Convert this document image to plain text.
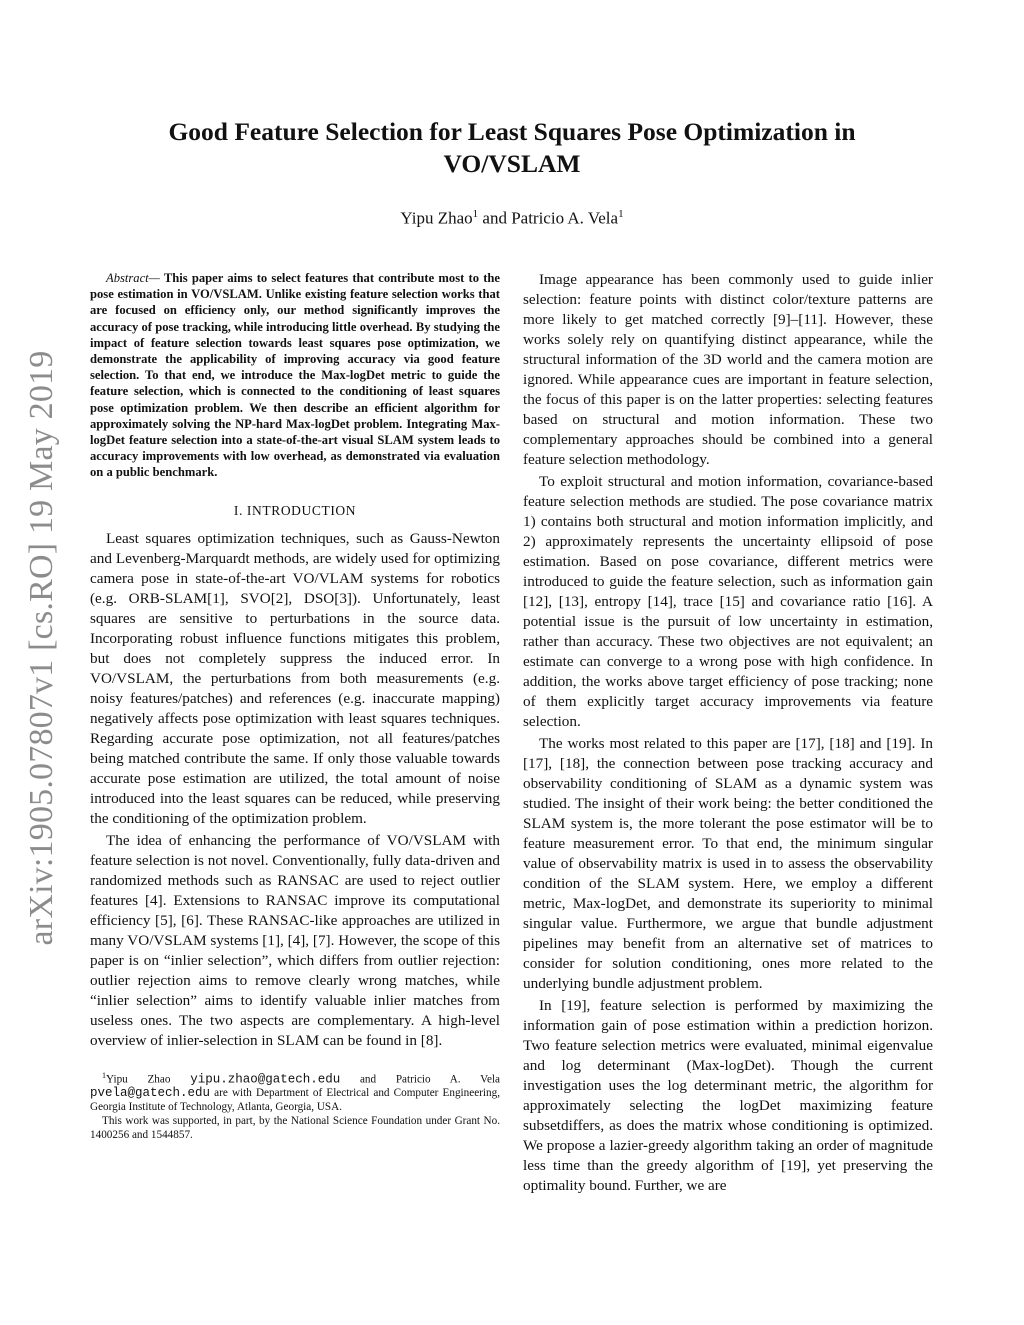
arXiv:1905.07807v1 [cs.RO] 19 May 2019
Good Feature Selection for Least Squares Pose Optimization in VO/VSLAM
Yipu Zhao$^1$ and Patricio A. Vela$^1$

Abstract— This paper aims to select features that contribute most to the pose estimation in VO/VSLAM. Unlike existing feature selection works that are focused on efficiency only, our method significantly improves the accuracy of pose tracking, while introducing little overhead. By studying the impact of feature selection towards least squares pose optimization, we demonstrate the applicability of improving accuracy via good feature selection. To that end, we introduce the Max-logDet metric to guide the feature selection, which is connected to the conditioning of least squares pose optimization problem. We then describe an efficient algorithm for approximately solving the NP-hard Max-logDet problem. Integrating Max-logDet feature selection into a state-of-the-art visual SLAM system leads to accuracy improvements with low overhead, as demonstrated via evaluation on a public benchmark.

I. INTRODUCTION

Least squares optimization techniques, such as Gauss-Newton and Levenberg-Marquardt methods, are widely used for optimizing camera pose in state-of-the-art VO/VLAM systems for robotics (e.g. ORB-SLAM[1], SVO[2], DSO[3]). Unfortunately, least squares are sensitive to perturbations in the source data. Incorporating robust influence functions mitigates this problem, but does not completely suppress the induced error. In VO/VSLAM, the perturbations from both measurements (e.g. noisy features/patches) and references (e.g. inaccurate mapping) negatively affects pose optimization with least squares techniques. Regarding accurate pose optimization, not all features/patches being matched contribute the same. If only those valuable towards accurate pose estimation are utilized, the total amount of noise introduced into the least squares can be reduced, while preserving the conditioning of the optimization problem.

The idea of enhancing the performance of VO/VSLAM with feature selection is not novel. Conventionally, fully data-driven and randomized methods such as RANSAC are used to reject outlier features [4]. Extensions to RANSAC improve its computational efficiency [5], [6]. These RANSAC-like approaches are utilized in many VO/VSLAM systems [1], [4], [7]. However, the scope of this paper is on “inlier selection”, which differs from outlier rejection: outlier rejection aims to remove clearly wrong matches, while “inlier selection” aims to identify valuable inlier matches from useless ones. The two aspects are complementary. A high-level overview of inlier-selection in SLAM can be found in [8].

$^1$Yipu Zhao yipu.zhao@gatech.edu and Patricio A. Vela pvela@gatech.edu are with Department of Electrical and Computer Engineering, Georgia Institute of Technology, Atlanta, Georgia, USA.

This work was supported, in part, by the National Science Foundation under Grant No. 1400256 and 1544857.

Image appearance has been commonly used to guide inlier selection: feature points with distinct color/texture patterns are more likely to get matched correctly [9]–[11]. However, these works solely rely on quantifying distinct appearance, while the structural information of the 3D world and the camera motion are ignored. While appearance cues are important in feature selection, the focus of this paper is on the latter properties: selecting features based on structural and motion information. These two complementary approaches should be combined into a general feature selection methodology.

To exploit structural and motion information, covariance-based feature selection methods are studied. The pose covariance matrix 1) contains both structural and motion information implicitly, and 2) approximately represents the uncertainty ellipsoid of pose estimation. Based on pose covariance, different metrics were introduced to guide the feature selection, such as information gain [12], [13], entropy [14], trace [15] and covariance ratio [16]. A potential issue is the pursuit of low uncertainty in estimation, rather than accuracy. These two objectives are not equivalent; an estimate can converge to a wrong pose with high confidence. In addition, the works above target efficiency of pose tracking; none of them explicitly target accuracy improvements via feature selection.

The works most related to this paper are [17], [18] and [19]. In [17], [18], the connection between pose tracking accuracy and observability conditioning of SLAM as a dynamic system was studied. The insight of their work being: the better conditioned the SLAM system is, the more tolerant the pose estimator will be to feature measurement error. To that end, the minimum singular value of observability matrix is used in to assess the observability condition of the SLAM system. Here, we employ a different metric, Max-logDet, and demonstrate its superiority to minimal singular value. Furthermore, we argue that bundle adjustment pipelines may benefit from an alternative set of matrices to consider for solution conditioning, ones more related to the underlying bundle adjustment problem.

In [19], feature selection is performed by maximizing the information gain of pose estimation within a prediction horizon. Two feature selection metrics were evaluated, minimal eigenvalue and log determinant (Max-logDet). Though the current investigation uses the log determinant metric, the algorithm for approximately selecting the logDet maximizing feature subsetdiffers, as does the matrix whose conditioning is optimized. We propose a lazier-greedy algorithm taking an order of magnitude less time than the greedy algorithm of [19], yet preserving the optimality bound. Further, we are
